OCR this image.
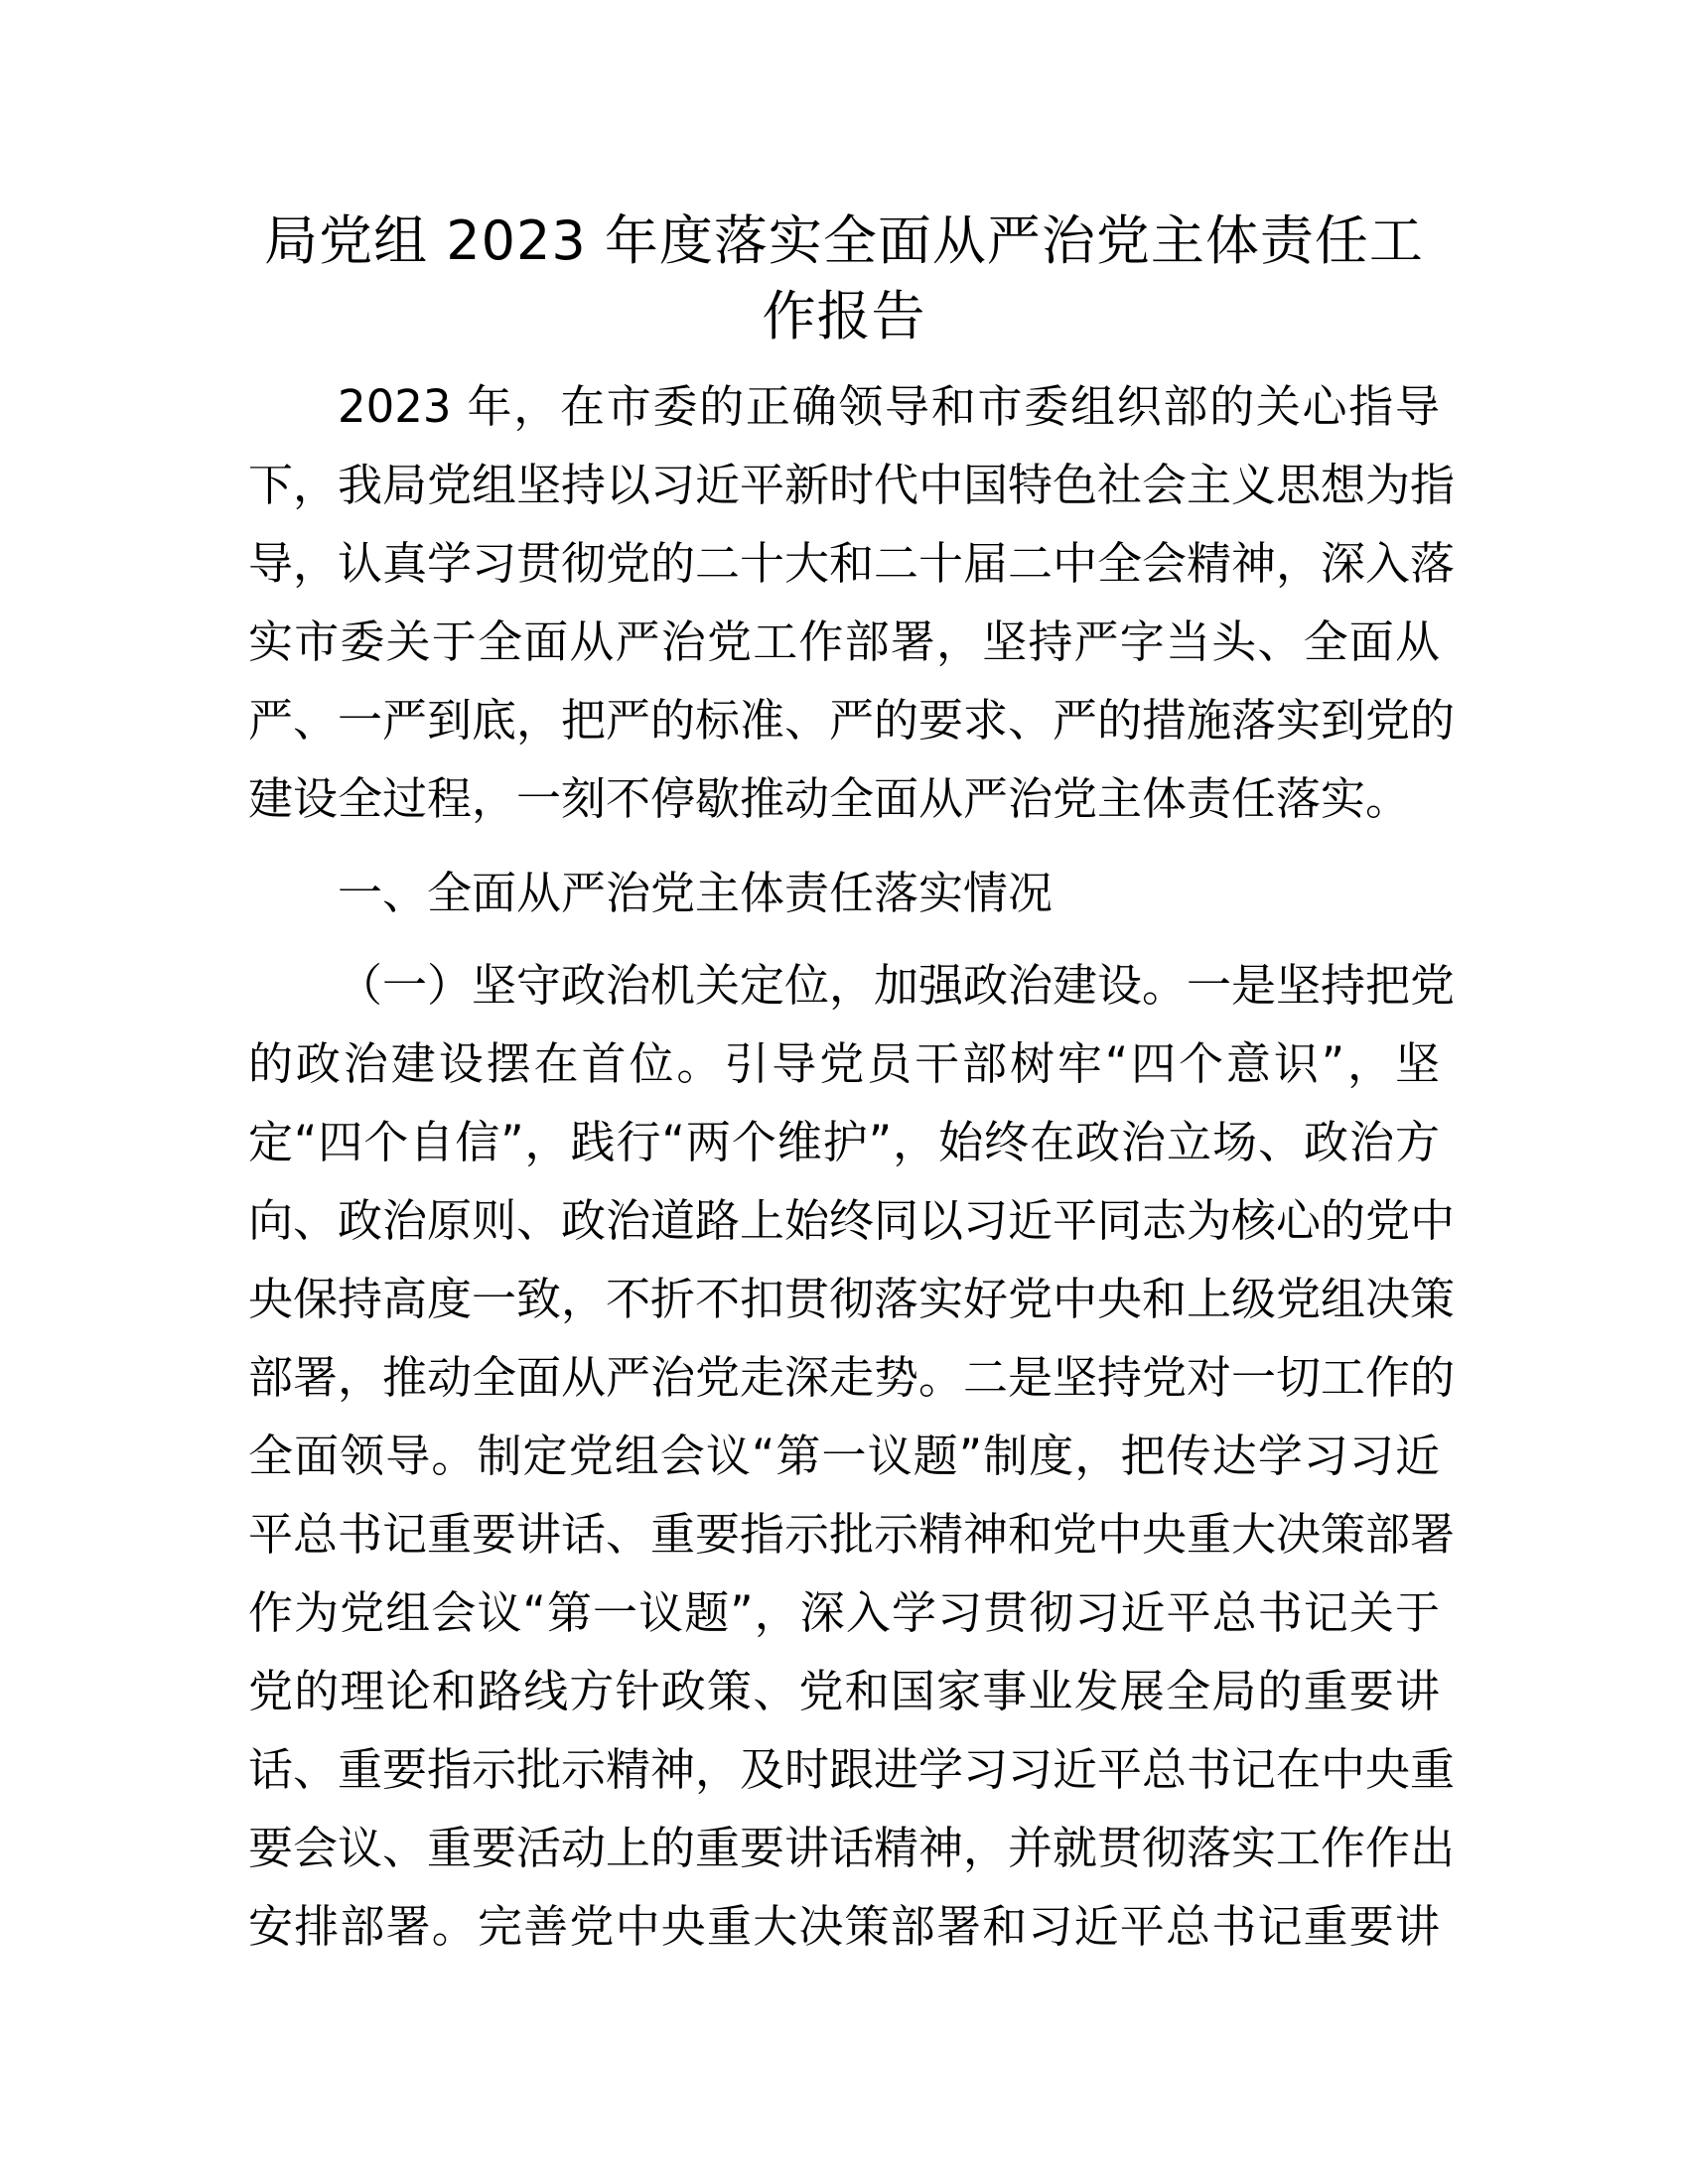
局党组 2023 年度落实全面从严治党主体责任工
作报告
2023 年，在市委的正确领导和市委组织部的关心指导
下，我局党组坚持以习近平新时代中国特色社会主义思想为指
导，认真学习贯彻党的二十大和二十届二中全会精神，深入落
实市委关于全面从严治党工作部署，坚持严字当头、全面从
严、一严到底，把严的标准、严的要求、严的措施落实到党的
建设全过程，一刻不停歇推动全面从严治党主体责任落实。
一、全面从严治党主体责任落实情况
（一）坚守政治机关定位，加强政治建设。一是坚持把党
的政治建设摆在首位。引导党员干部树牢“四个意识”，坚
定“四个自信”，践行“两个维护”，始终在政治立场、政治方
向、政治原则、政治道路上始终同以习近平同志为核心的党中
央保持高度一致，不折不扣贯彻落实好党中央和上级党组决策
部署，推动全面从严治党走深走势。二是坚持党对一切工作的
全面领导。制定党组会议“第一议题”制度，把传达学习习近
平总书记重要讲话、重要指示批示精神和党中央重大决策部署
作为党组会议“第一议题”，深入学习贯彻习近平总书记关于
党的理论和路线方针政策、党和国家事业发展全局的重要讲
话、重要指示批示精神，及时跟进学习习近平总书记在中央重
要会议、重要活动上的重要讲话精神，并就贯彻落实工作作出
安排部署。完善党中央重大决策部署和习近平总书记重要讲
